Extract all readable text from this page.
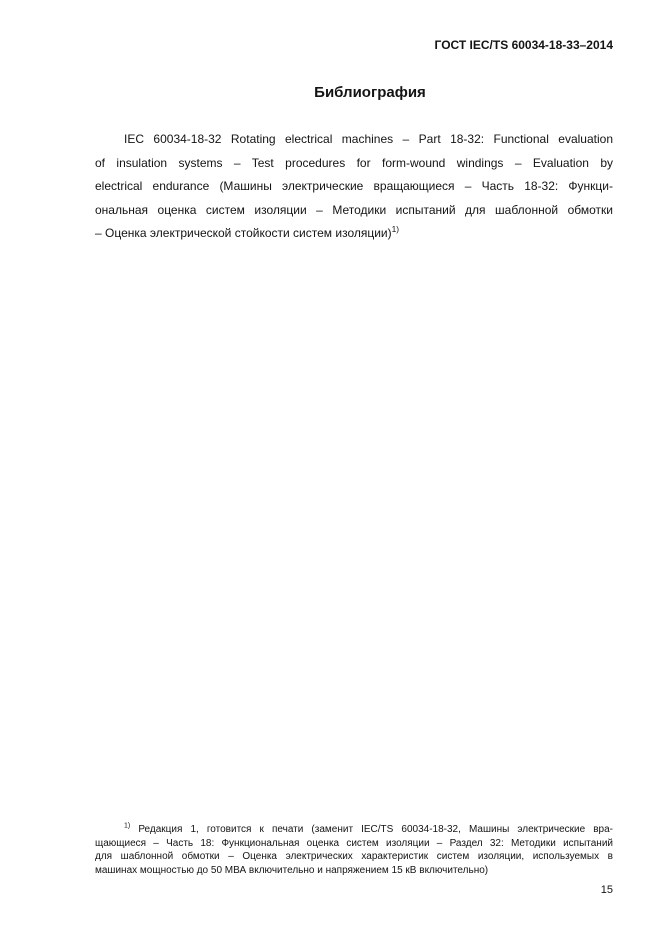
ГОСТ IEC/TS 60034-18-33–2014
Библиография
IEC 60034-18-32 Rotating electrical machines – Part 18-32: Functional evaluation
of insulation systems – Test procedures for form-wound windings – Evaluation by
electrical endurance (Машины электрические вращающиеся – Часть 18-32: Функци-
ональная оценка систем изоляции – Методики испытаний для шаблонной обмотки
– Оценка электрической стойкости систем изоляции)$^{1)}$
$^{1)}$ Редакция 1, готовится к печати (заменит IEC/TS 60034-18-32, Машины электрические вра-
щающиеся – Часть 18: Функциональная оценка систем изоляции – Раздел 32: Методики испытаний
для шаблонной обмотки – Оценка электрических характеристик систем изоляции, используемых в
машинах мощностью до 50 МВА включительно и напряжением 15 кВ включительно)
15
